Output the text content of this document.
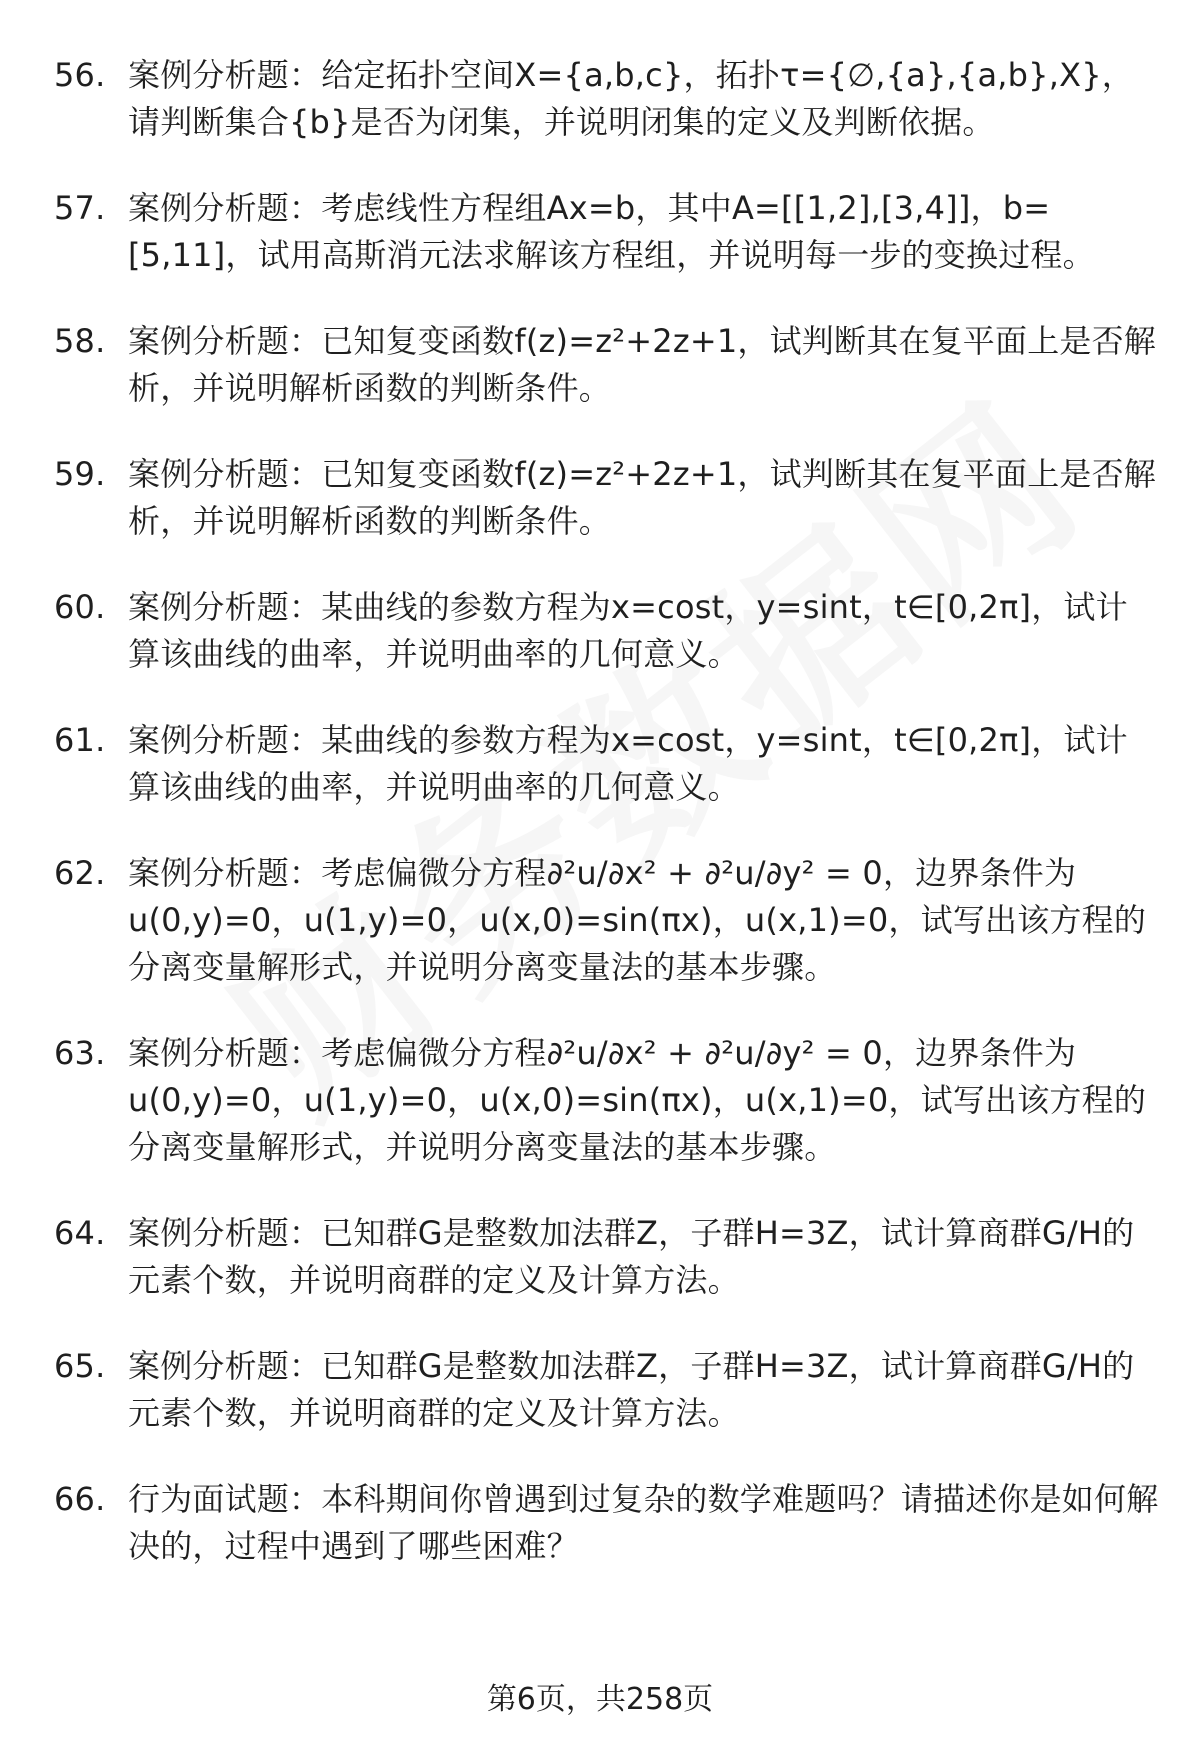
56. 案例分析题：给定拓扑空间X={a,b,c}，拓扑τ={∅,{a},{a,b},X}，请判断集合{b}是否为闭集，并说明闭集的定义及判断依据。
57. 案例分析题：考虑线性方程组Ax=b，其中A=[[1,2],[3,4]]，b=[5,11]，试用高斯消元法求解该方程组，并说明每一步的变换过程。
58. 案例分析题：已知复变函数f(z)=z²+2z+1，试判断其在复平面上是否解析，并说明解析函数的判断条件。
59. 案例分析题：已知复变函数f(z)=z²+2z+1，试判断其在复平面上是否解析，并说明解析函数的判断条件。
60. 案例分析题：某曲线的参数方程为x=cost，y=sint，t∈[0,2π]，试计算该曲线的曲率，并说明曲率的几何意义。
61. 案例分析题：某曲线的参数方程为x=cost，y=sint，t∈[0,2π]，试计算该曲线的曲率，并说明曲率的几何意义。
62. 案例分析题：考虑偏微分方程∂²u/∂x² + ∂²u/∂y² = 0，边界条件为u(0,y)=0，u(1,y)=0，u(x,0)=sin(πx)，u(x,1)=0，试写出该方程的分离变量解形式，并说明分离变量法的基本步骤。
63. 案例分析题：考虑偏微分方程∂²u/∂x² + ∂²u/∂y² = 0，边界条件为u(0,y)=0，u(1,y)=0，u(x,0)=sin(πx)，u(x,1)=0，试写出该方程的分离变量解形式，并说明分离变量法的基本步骤。
64. 案例分析题：已知群G是整数加法群Z，子群H=3Z，试计算商群G/H的元素个数，并说明商群的定义及计算方法。
65. 案例分析题：已知群G是整数加法群Z，子群H=3Z，试计算商群G/H的元素个数，并说明商群的定义及计算方法。
66. 行为面试题：本科期间你曾遇到过复杂的数学难题吗？请描述你是如何解决的，过程中遇到了哪些困难？
第6页，共258页
